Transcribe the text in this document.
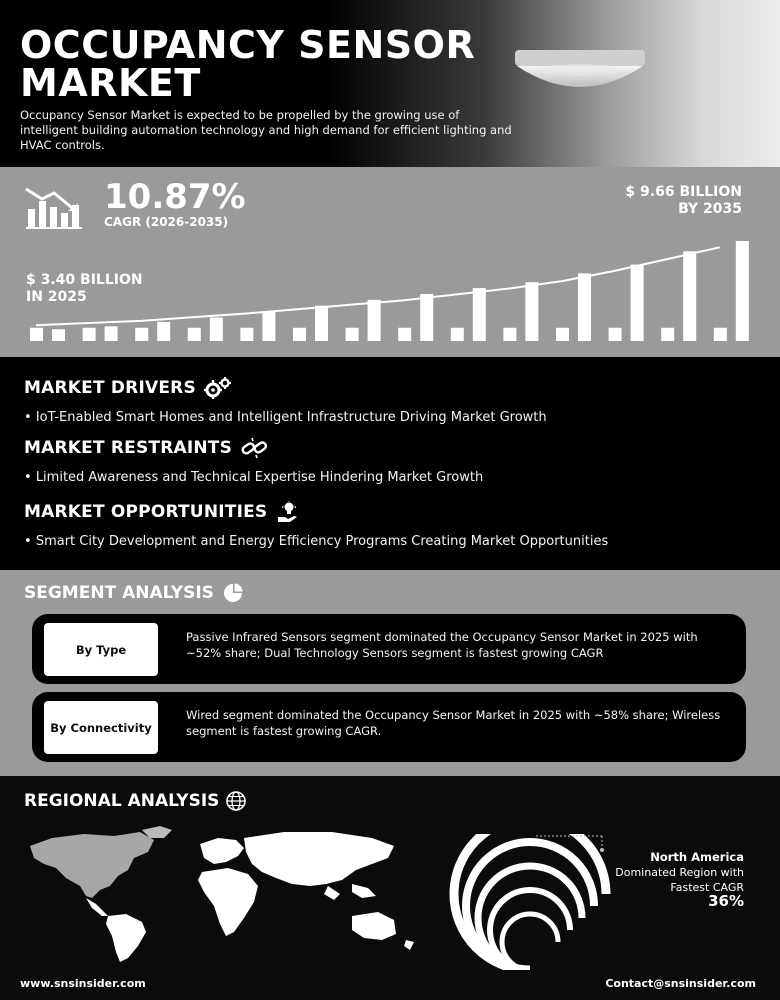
OCCUPANCY SENSOR MARKET
Occupancy Sensor Market is expected to be propelled by the growing use of intelligent building automation technology and high demand for efficient lighting and HVAC controls.
10.87%
CAGR (2026-2035)
$ 9.66 BILLION
BY 2035
$ 3.40 BILLION
IN 2025
MARKET DRIVERS
• IoT-Enabled Smart Homes and Intelligent Infrastructure Driving Market Growth
MARKET RESTRAINTS
• Limited Awareness and Technical Expertise Hindering Market Growth
MARKET OPPORTUNITIES
• Smart City Development and Energy Efficiency Programs Creating Market Opportunities
SEGMENT ANALYSIS
By Type
Passive Infrared Sensors segment dominated the Occupancy Sensor Market in 2025 with ~52% share; Dual Technology Sensors segment is fastest growing CAGR
By Connectivity
Wired segment dominated the Occupancy Sensor Market in 2025 with ~58% share; Wireless segment is fastest growing CAGR.
REGIONAL ANALYSIS
North America
Dominated Region with Fastest CAGR
36%
www.snsinsider.com	Contact@snsinsider.com
